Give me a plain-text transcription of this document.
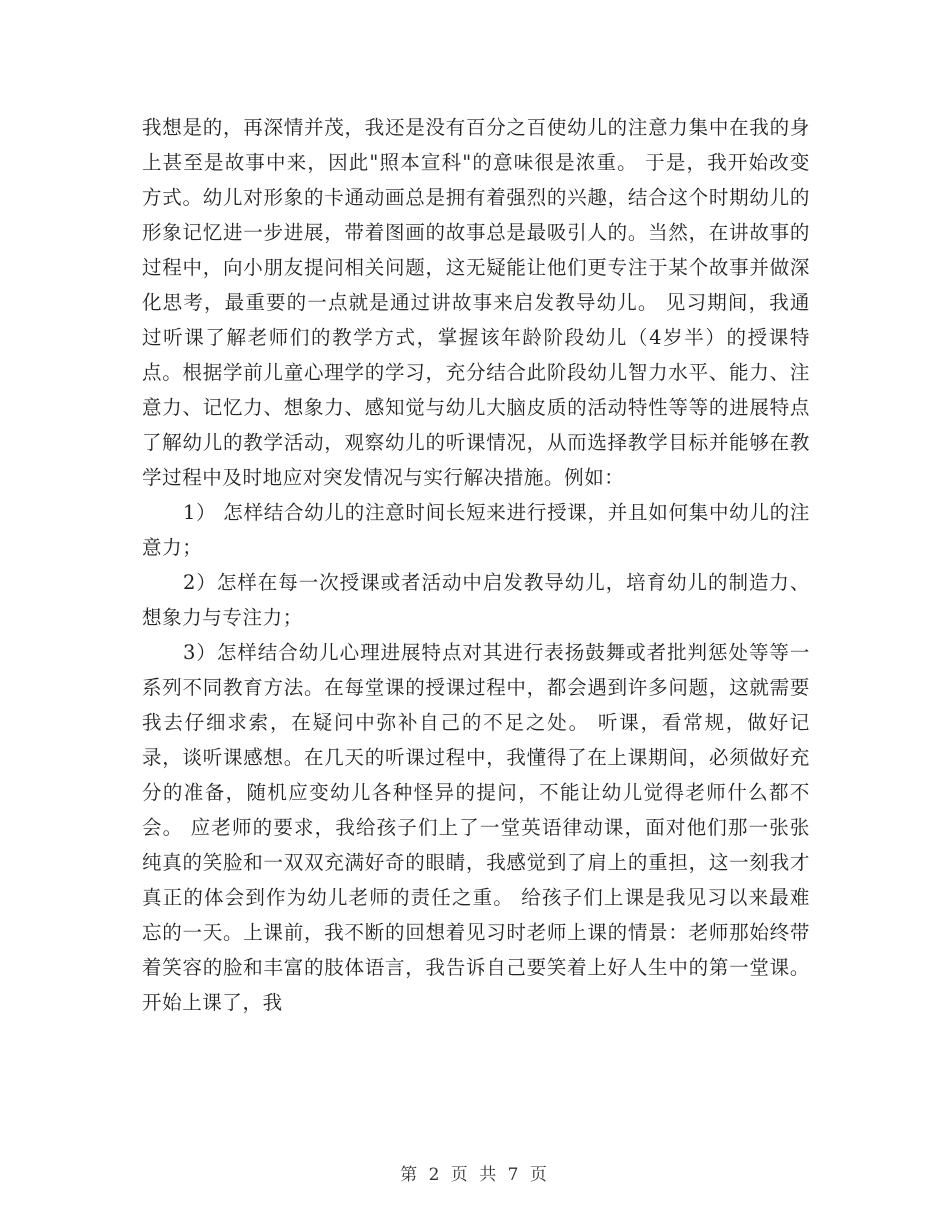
我想是的，再深情并茂，我还是没有百分之百使幼儿的注意力集中在我的身上甚至是故事中来，因此"照本宣科"的意味很是浓重。 于是，我开始改变方式。幼儿对形象的卡通动画总是拥有着强烈的兴趣，结合这个时期幼儿的形象记忆进一步进展，带着图画的故事总是最吸引人的。当然，在讲故事的过程中，向小朋友提问相关问题，这无疑能让他们更专注于某个故事并做深化思考，最重要的一点就是通过讲故事来启发教导幼儿。 见习期间，我通过听课了解老师们的教学方式，掌握该年龄阶段幼儿（4岁半）的授课特点。根据学前儿童心理学的学习，充分结合此阶段幼儿智力水平、能力、注意力、记忆力、想象力、感知觉与幼儿大脑皮质的活动特性等等的进展特点了解幼儿的教学活动，观察幼儿的听课情况，从而选择教学目标并能够在教学过程中及时地应对突发情况与实行解决措施。例如：

1） 怎样结合幼儿的注意时间长短来进行授课，并且如何集中幼儿的注意力；

2）怎样在每一次授课或者活动中启发教导幼儿，培育幼儿的制造力、想象力与专注力；

3）怎样结合幼儿心理进展特点对其进行表扬鼓舞或者批判惩处等等一系列不同教育方法。在每堂课的授课过程中，都会遇到许多问题，这就需要我去仔细求索，在疑问中弥补自己的不足之处。 听课，看常规，做好记录，谈听课感想。在几天的听课过程中，我懂得了在上课期间，必须做好充分的准备，随机应变幼儿各种怪异的提问，不能让幼儿觉得老师什么都不会。 应老师的要求，我给孩子们上了一堂英语律动课，面对他们那一张张纯真的笑脸和一双双充满好奇的眼睛，我感觉到了肩上的重担，这一刻我才真正的体会到作为幼儿老师的责任之重。 给孩子们上课是我见习以来最难忘的一天。上课前，我不断的回想着见习时老师上课的情景：老师那始终带着笑容的脸和丰富的肢体语言，我告诉自己要笑着上好人生中的第一堂课。开始上课了，我

第 2 页 共 7 页
